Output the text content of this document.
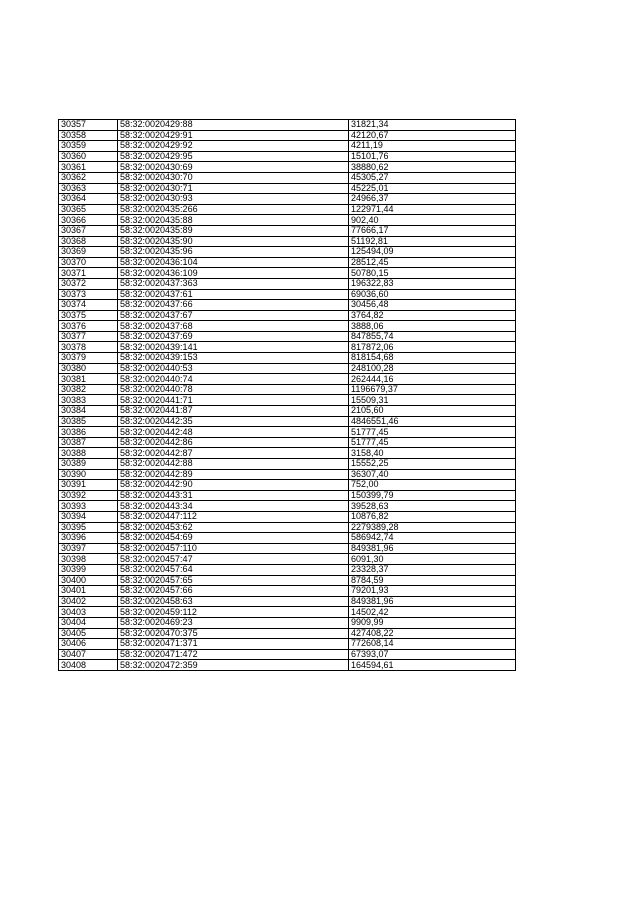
30357	58:32:0020429:88	31821,34
30358	58:32:0020429:91	42120,67
30359	58:32:0020429:92	4211,19
30360	58:32:0020429:95	15101,76
30361	58:32:0020430:69	38880,62
30362	58:32:0020430:70	45305,27
30363	58:32:0020430:71	45225,01
30364	58:32:0020430:93	24966,37
30365	58:32:0020435:266	122971,44
30366	58:32:0020435:88	902,40
30367	58:32:0020435:89	77666,17
30368	58:32:0020435:90	51192,81
30369	58:32:0020435:96	125494,09
30370	58:32:0020436:104	28512,45
30371	58:32:0020436:109	50780,15
30372	58:32:0020437:363	196322,83
30373	58:32:0020437:61	69036,60
30374	58:32:0020437:66	30456,48
30375	58:32:0020437:67	3764,82
30376	58:32:0020437:68	3888,06
30377	58:32:0020437:69	847855,74
30378	58:32:0020439:141	817872,06
30379	58:32:0020439:153	818154,68
30380	58:32:0020440:53	248100,28
30381	58:32:0020440:74	262444,16
30382	58:32:0020440:78	1196679,37
30383	58:32:0020441:71	15509,31
30384	58:32:0020441:87	2105,60
30385	58:32:0020442:35	4846551,46
30386	58:32:0020442:48	51777,45
30387	58:32:0020442:86	51777,45
30388	58:32:0020442:87	3158,40
30389	58:32:0020442:88	15552,25
30390	58:32:0020442:89	36307,40
30391	58:32:0020442:90	752,00
30392	58:32:0020443:31	150399,79
30393	58:32:0020443:34	39528,63
30394	58:32:0020447:112	10876,82
30395	58:32:0020453:62	2279389,28
30396	58:32:0020454:69	586942,74
30397	58:32:0020457:110	849381,96
30398	58:32:0020457:47	6091,30
30399	58:32:0020457:64	23328,37
30400	58:32:0020457:65	8784,59
30401	58:32:0020457:66	79201,93
30402	58:32:0020458:63	849381,96
30403	58:32:0020459:112	14502,42
30404	58:32:0020469:23	9909,99
30405	58:32:0020470:375	427408,22
30406	58:32:0020471:371	772608,14
30407	58:32:0020471:472	67393,07
30408	58:32:0020472:359	164594,61
